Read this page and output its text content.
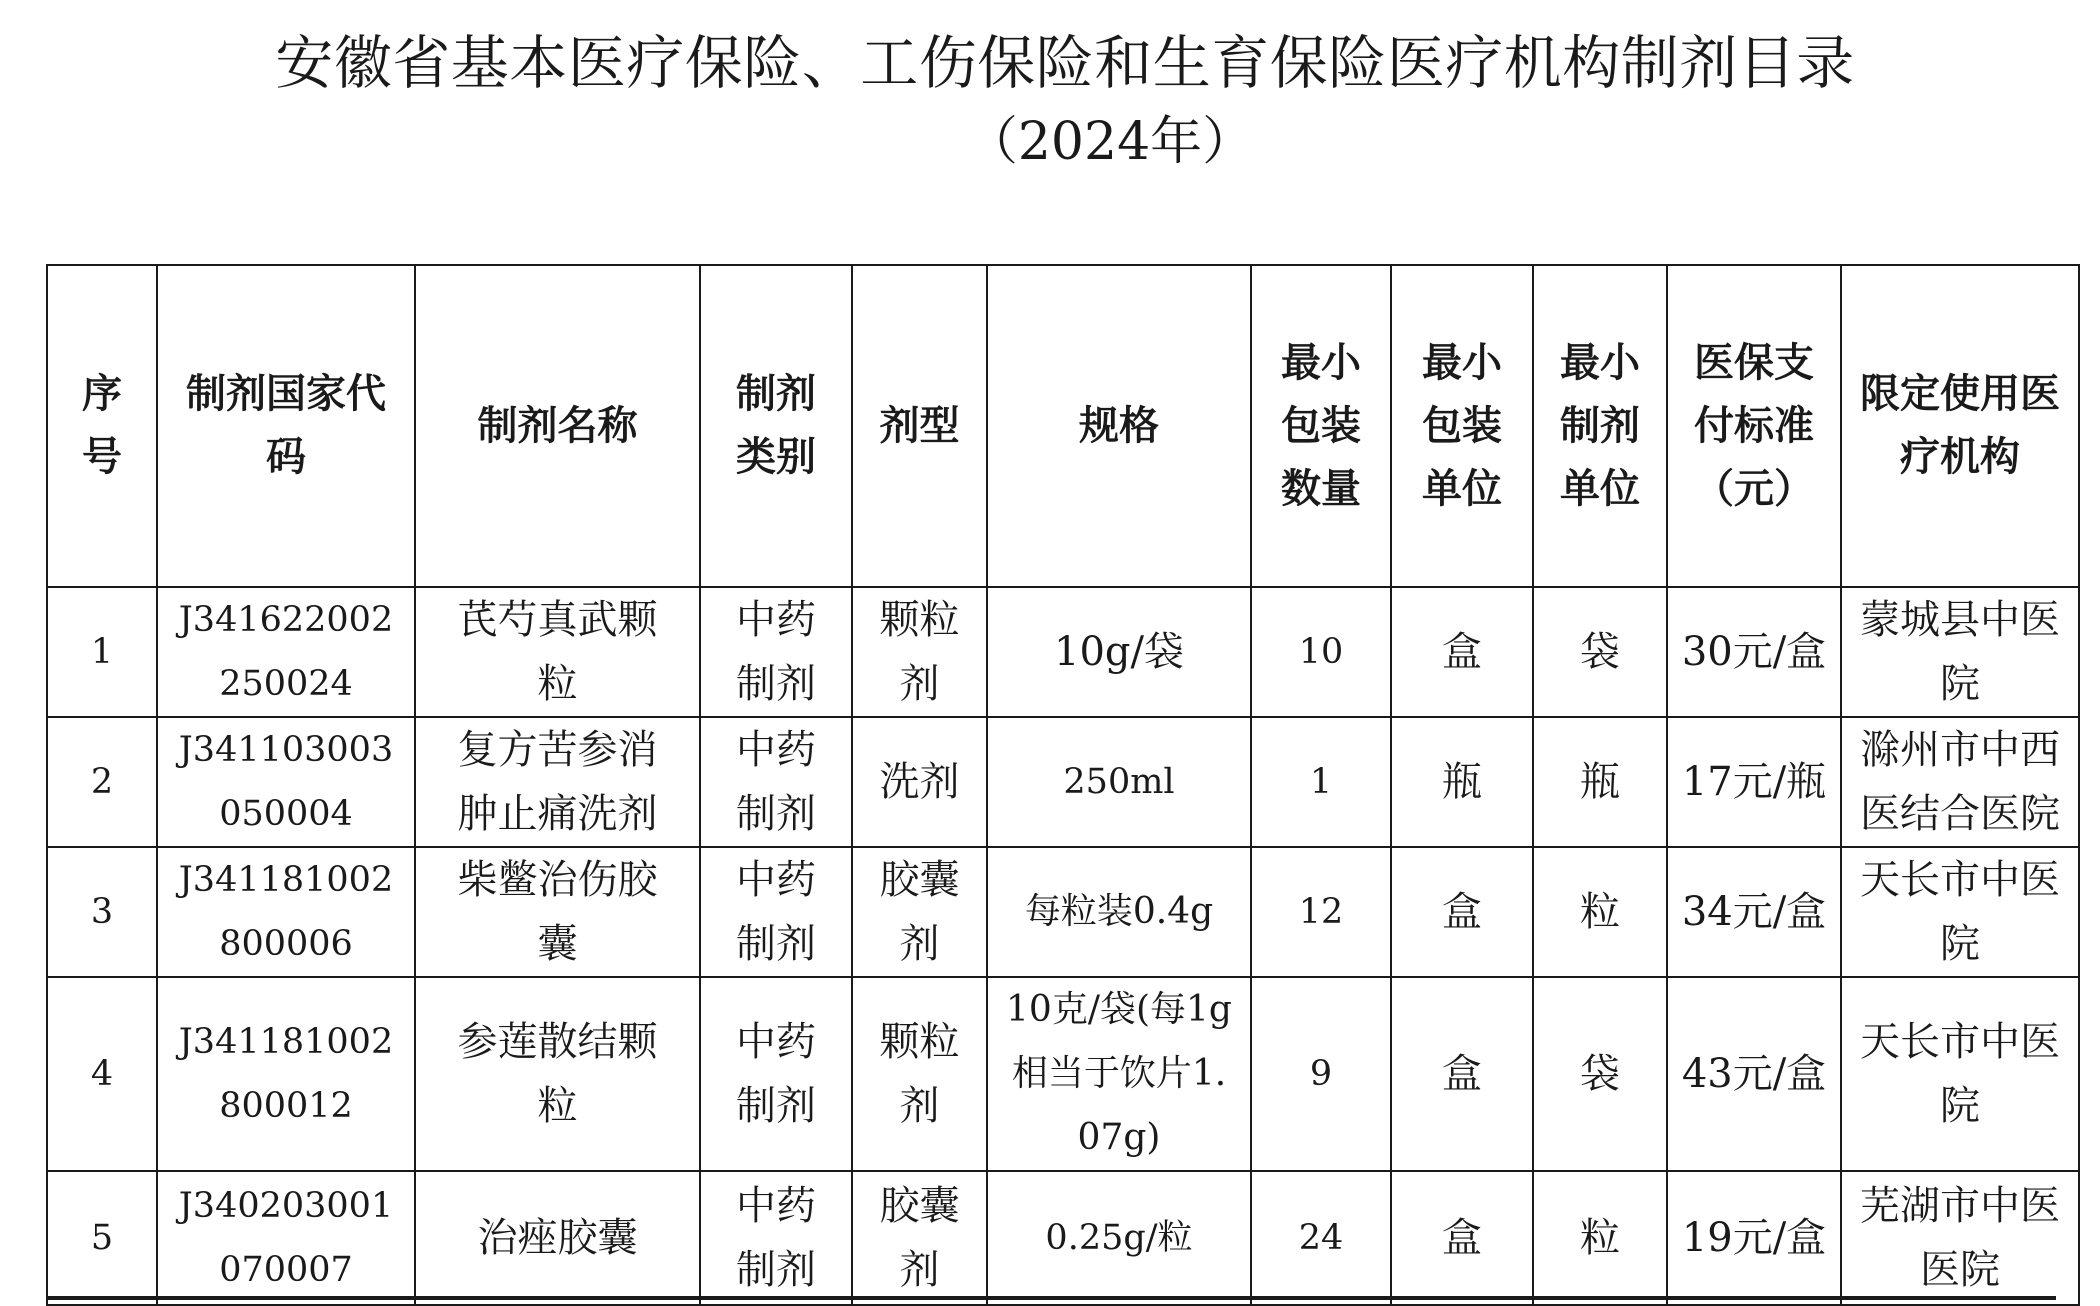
安徽省基本医疗保险、工伤保险和生育保险医疗机构制剂目录
（2024年）
序号	制剂国家代码	制剂名称	制剂类别	剂型	规格	最小包装数量	最小包装单位	最小制剂单位	医保支付标准（元）	限定使用医疗机构
1	J341622002250024	芪芍真武颗粒	中药制剂	颗粒剂	10g/袋	10	盒	袋	30元/盒	蒙城县中医院
2	J341103003050004	复方苦参消肿止痛洗剂	中药制剂	洗剂	250ml	1	瓶	瓶	17元/瓶	滁州市中西医结合医院
3	J341181002800006	柴鳖治伤胶囊	中药制剂	胶囊剂	每粒装0.4g	12	盒	粒	34元/盒	天长市中医院
4	J341181002800012	参莲散结颗粒	中药制剂	颗粒剂	10克/袋(每1g相当于饮片1.07g)	9	盒	袋	43元/盒	天长市中医院
5	J340203001070007	治痤胶囊	中药制剂	胶囊剂	0.25g/粒	24	盒	粒	19元/盒	芜湖市中医医院
